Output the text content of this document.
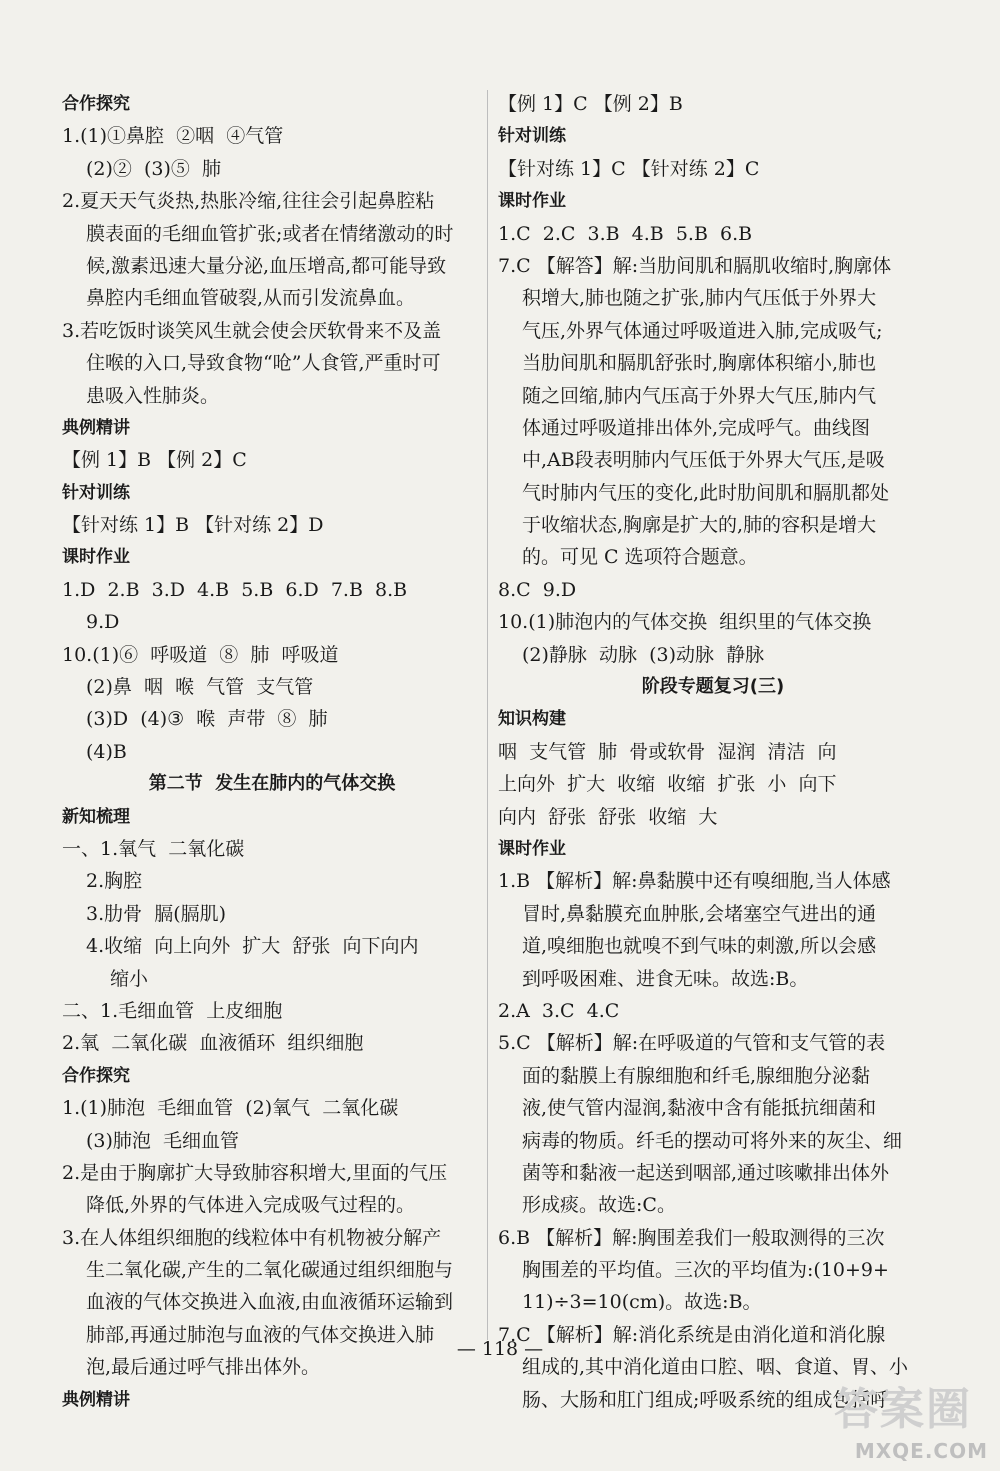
合作探究
1.(1)①鼻腔  ②咽  ④气管
(2)②  (3)⑤  肺
2.夏天天气炎热,热胀冷缩,往往会引起鼻腔粘
膜表面的毛细血管扩张;或者在情绪激动的时
候,激素迅速大量分泌,血压增高,都可能导致
鼻腔内毛细血管破裂,从而引发流鼻血。
3.若吃饭时谈笑风生就会使会厌软骨来不及盖
住喉的入口,导致食物“呛”人食管,严重时可
患吸入性肺炎。
典例精讲
【例 1】B 【例 2】C
针对训练
【针对练 1】B 【针对练 2】D
课时作业
1.D  2.B  3.D  4.B  5.B  6.D  7.B  8.B
9.D
10.(1)⑥  呼吸道  ⑧  肺  呼吸道
(2)鼻  咽  喉  气管  支气管
(3)D  (4)③  喉  声带  ⑧  肺
(4)B
第二节  发生在肺内的气体交换
新知梳理
一、1.氧气  二氧化碳
2.胸腔
3.肋骨  膈(膈肌)
4.收缩  向上向外  扩大  舒张  向下向内
缩小
二、1.毛细血管  上皮细胞
2.氧  二氧化碳  血液循环  组织细胞
合作探究
1.(1)肺泡  毛细血管  (2)氧气  二氧化碳
(3)肺泡  毛细血管
2.是由于胸廓扩大导致肺容积增大,里面的气压
降低,外界的气体进入完成吸气过程的。
3.在人体组织细胞的线粒体中有机物被分解产
生二氧化碳,产生的二氧化碳通过组织细胞与
血液的气体交换进入血液,由血液循环运输到
肺部,再通过肺泡与血液的气体交换进入肺
泡,最后通过呼气排出体外。
典例精讲
【例 1】C 【例 2】B
针对训练
【针对练 1】C 【针对练 2】C
课时作业
1.C  2.C  3.B  4.B  5.B  6.B
7.C 【解答】解:当肋间肌和膈肌收缩时,胸廓体
积增大,肺也随之扩张,肺内气压低于外界大
气压,外界气体通过呼吸道进入肺,完成吸气;
当肋间肌和膈肌舒张时,胸廓体积缩小,肺也
随之回缩,肺内气压高于外界大气压,肺内气
体通过呼吸道排出体外,完成呼气。曲线图
中,AB段表明肺内气压低于外界大气压,是吸
气时肺内气压的变化,此时肋间肌和膈肌都处
于收缩状态,胸廓是扩大的,肺的容积是增大
的。可见 C 选项符合题意。
8.C  9.D
10.(1)肺泡内的气体交换  组织里的气体交换
(2)静脉  动脉  (3)动脉  静脉
阶段专题复习(三)
知识构建
咽  支气管  肺  骨或软骨  湿润  清洁  向
上向外  扩大  收缩  收缩  扩张  小  向下
向内  舒张  舒张  收缩  大
课时作业
1.B 【解析】解:鼻黏膜中还有嗅细胞,当人体感
冒时,鼻黏膜充血肿胀,会堵塞空气进出的通
道,嗅细胞也就嗅不到气味的刺激,所以会感
到呼吸困难、进食无味。故选:B。
2.A  3.C  4.C
5.C 【解析】解:在呼吸道的气管和支气管的表
面的黏膜上有腺细胞和纤毛,腺细胞分泌黏
液,使气管内湿润,黏液中含有能抵抗细菌和
病毒的物质。纤毛的摆动可将外来的灰尘、细
菌等和黏液一起送到咽部,通过咳嗽排出体外
形成痰。故选:C。
6.B 【解析】解:胸围差我们一般取测得的三次
胸围差的平均值。三次的平均值为:(10+9+
11)÷3=10(cm)。故选:B。
7.C 【解析】解:消化系统是由消化道和消化腺
组成的,其中消化道由口腔、咽、食道、胃、小
肠、大肠和肛门组成;呼吸系统的组成包括呼
— 118 —
答案圈
MXQE.COM
